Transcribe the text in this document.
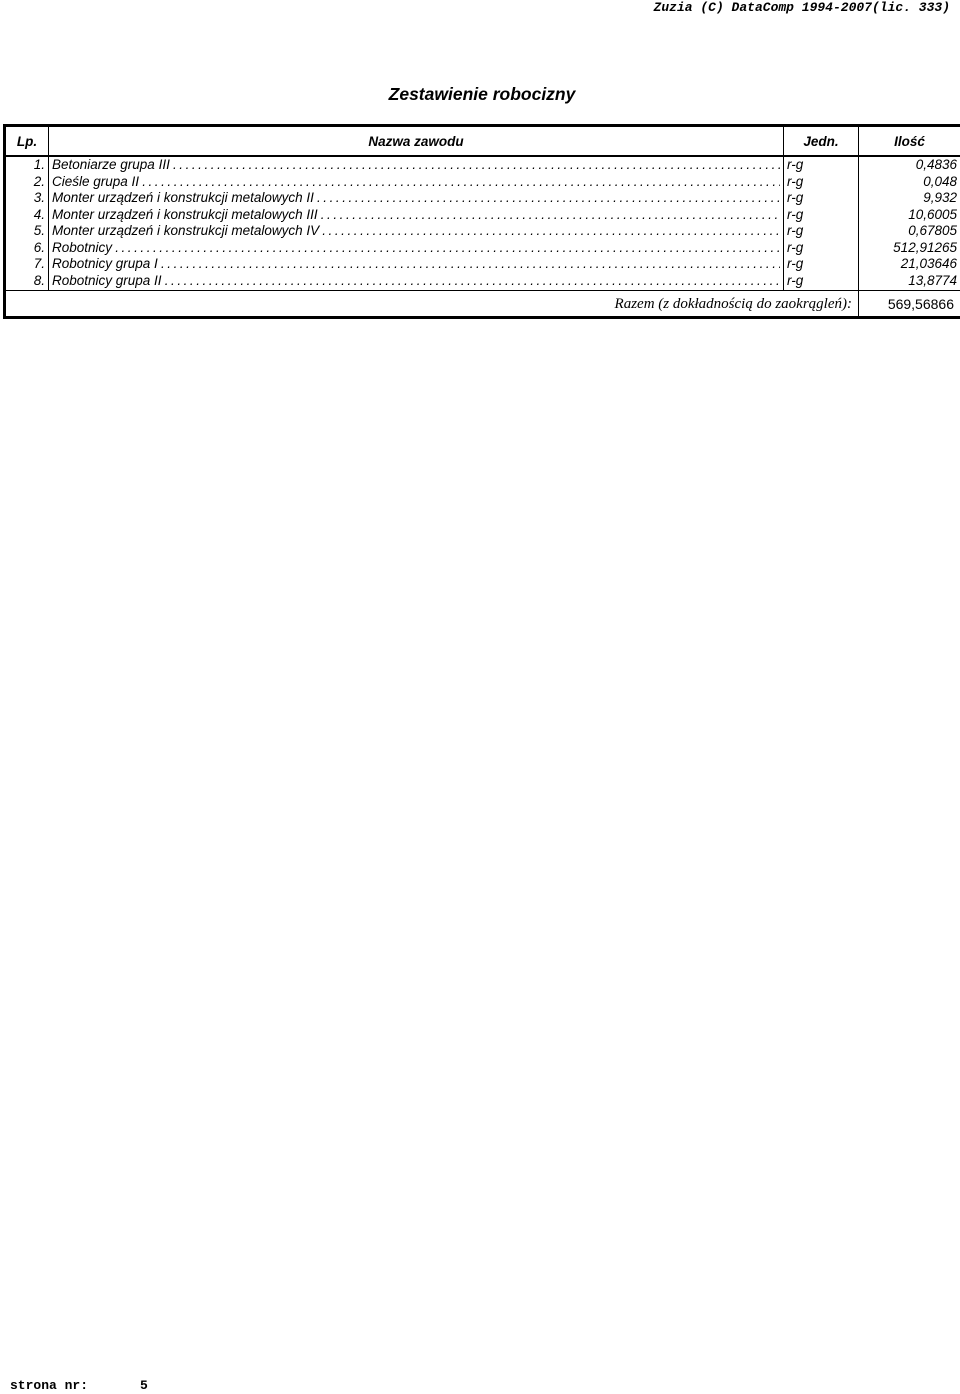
Zuzia (C) DataComp 1994-2007(lic. 333)
Zestawienie robocizny
Lp.	Nazwa zawodu	Jedn.	Ilość
1.	Betoniarze grupa III . . .	r-g	0,4836
2.	Cieśle grupa II . . .	r-g	0,048
3.	Monter urządzeń i konstrukcji metalowych II . . .	r-g	9,932
4.	Monter urządzeń i konstrukcji metalowych III . . .	r-g	10,6005
5.	Monter urządzeń i konstrukcji metalowych IV . . .	r-g	0,67805
6.	Robotnicy . . .	r-g	512,91265
7.	Robotnicy grupa I . . .	r-g	21,03646
8.	Robotnicy grupa II . . .	r-g	13,8774
Razem (z dokładnością do zaokrągleń):			569,56866
strona nr:	5
